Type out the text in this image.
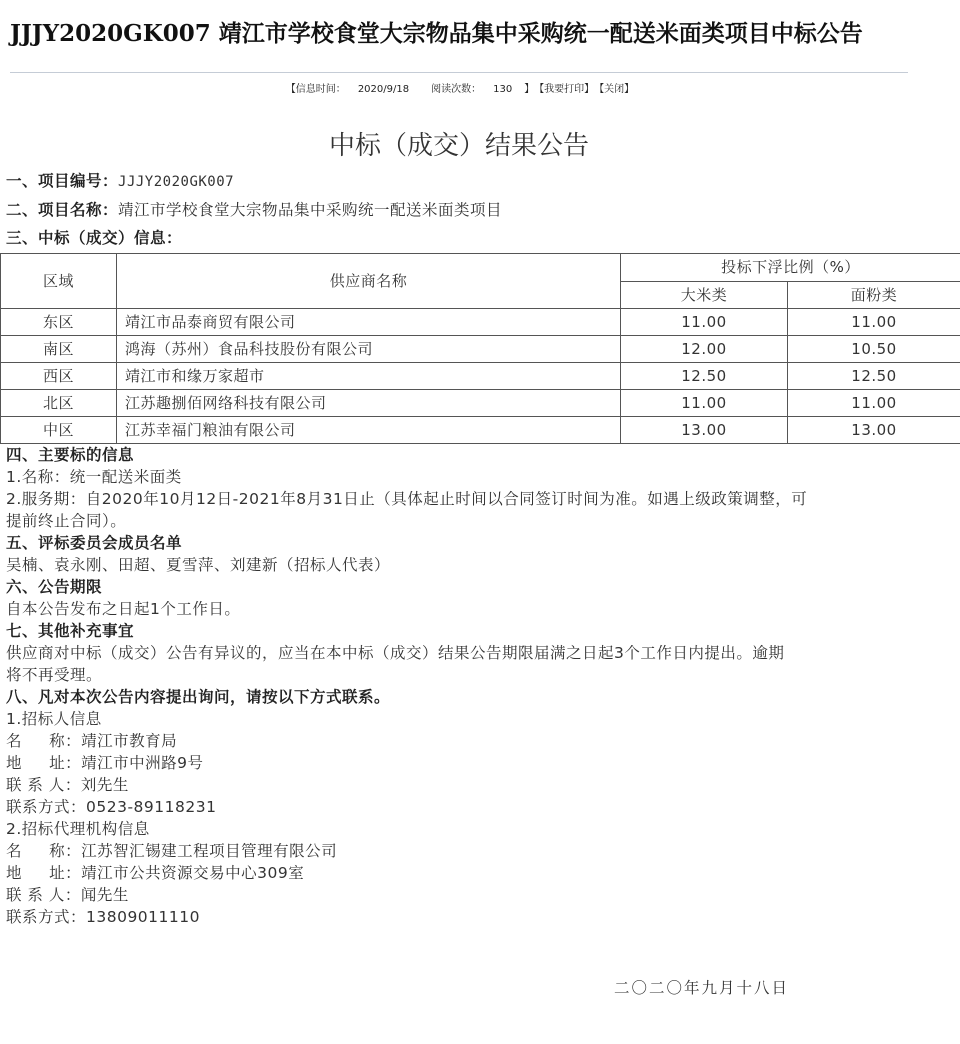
JJJY2020GK007 靖江市学校食堂大宗物品集中采购统一配送米面类项目中标公告
【信息时间： 2020/9/18 阅读次数： 130 】【我要打印】【关闭】
中标（成交）结果公告
一、项目编号：JJJY2020GK007
二、项目名称：靖江市学校食堂大宗物品集中采购统一配送米面类项目
三、中标（成交）信息：
区域	供应商名称	投标下浮比例（%）	
		大米类	面粉类
东区	靖江市品泰商贸有限公司	11.00	11.00
南区	鸿海（苏州）食品科技股份有限公司	12.00	10.50
西区	靖江市和缘万家超市	12.50	12.50
北区	江苏趣捌佰网络科技有限公司	11.00	11.00
中区	江苏幸福门粮油有限公司	13.00	13.00
四、主要标的信息
1.名称：统一配送米面类
2.服务期：自2020年10月12日-2021年8月31日止（具体起止时间以合同签订时间为准。如遇上级政策调整，可
提前终止合同）。
五、评标委员会成员名单
吴楠、袁永刚、田超、夏雪萍、刘建新（招标人代表）
六、公告期限
自本公告发布之日起1个工作日。
七、其他补充事宜
供应商对中标（成交）公告有异议的，应当在本中标（成交）结果公告期限届满之日起3个工作日内提出。逾期
将不再受理。
八、凡对本次公告内容提出询问，请按以下方式联系。
1.招标人信息
名     称：靖江市教育局
地     址：靖江市中洲路9号
联 系 人：刘先生
联系方式：0523-89118231
2.招标代理机构信息
名     称：江苏智汇锡建工程项目管理有限公司
地     址：靖江市公共资源交易中心309室
联 系 人：闻先生
联系方式：13809011110
二〇二〇年九月十八日
